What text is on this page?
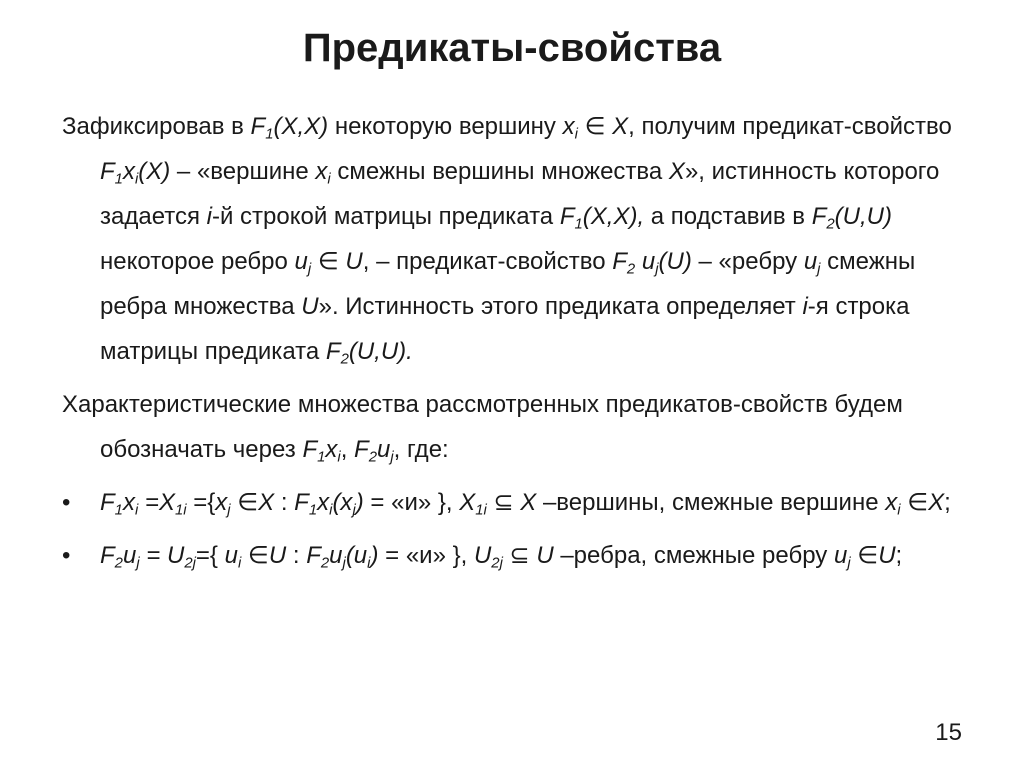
Предикаты-свойства

Зафиксировав в $F_1(X,X)$ некоторую вершину $x_i$ ∈ X, получим предикат-свойство $F_1x_i(X)$ – «вершине $x_i$ смежны вершины множества X», истинность которого задается i-й строкой матрицы предиката $F_1(X,X)$, а подставив в $F_2(U,U)$ некоторое ребро $u_j$ ∈ U, – предикат-свойство $F_2$ $u_j(U)$ – «ребру $u_j$ смежны ребра множества U». Истинность этого предиката определяет i-я строка матрицы предиката $F_2(U,U)$.

Характеристические множества рассмотренных предикатов-свойств будем обозначать через $F_1x_i$, $F_2u_j$, где:

•	$F_1x_i =X_{1i} =\{x_j$ ∈X : $F_1x_i(x_j)$ = «и» }, $X_{1i}$ ⊆ X –вершины, смежные вершине $x_i$ ∈X;
•	$F_2u_j = U_{2j}=${ $u_i$ ∈U : $F_2u_j(u_i)$ = «и» }, $U_{2j}$ ⊆ U –ребра, смежные ребру $u_j$ ∈U;
15
